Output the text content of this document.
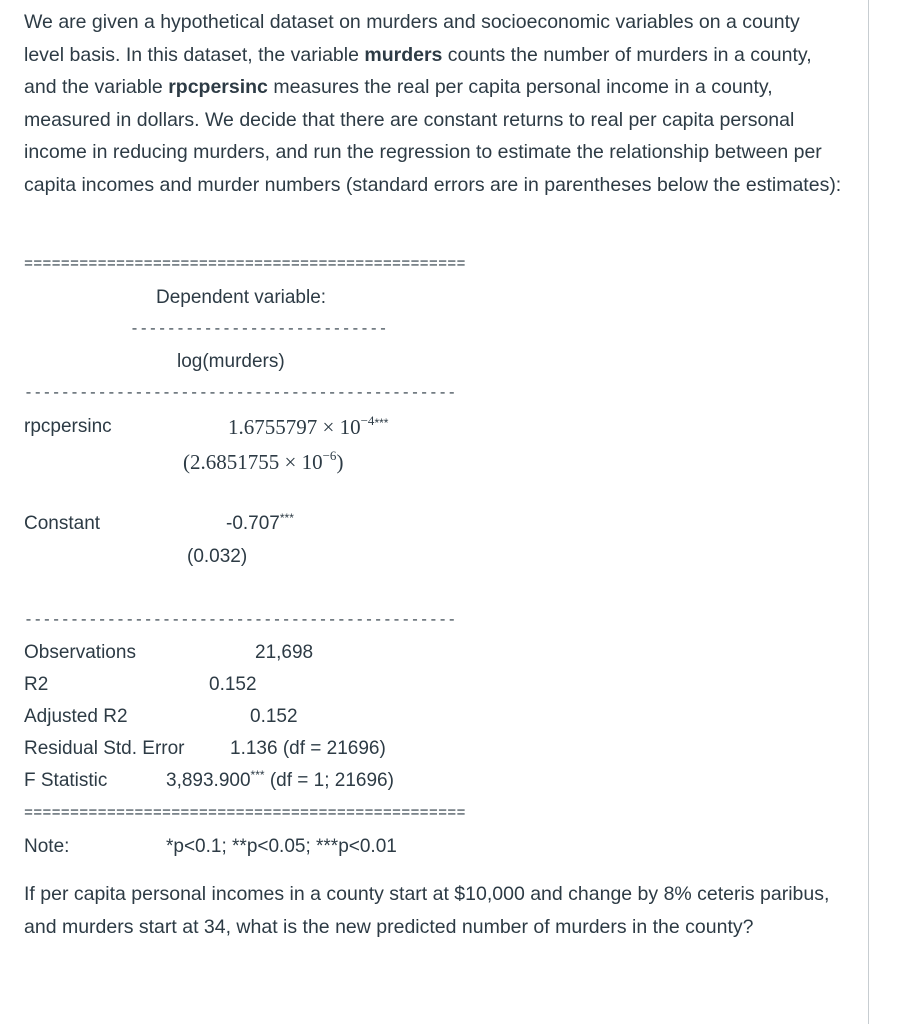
We are given a hypothetical dataset on murders and socioeconomic variables on a county level basis. In this dataset, the variable murders counts the number of murders in a county, and the variable rpcpersinc measures the real per capita personal income in a county, measured in dollars. We decide that there are constant returns to real per capita personal income in reducing murders, and run the regression to estimate the relationship between per capita incomes and murder numbers (standard errors are in parentheses below the estimates):

================================================
Dependent variable:
----------------------------
log(murders)
-----------------------------------------------
rpcpersinc	$1.6755797 \times 10^{-4***}$
$(2.6851755 \times 10^{-6})$
Constant	-0.707***
(0.032)
-----------------------------------------------
Observations	21,698
R2	0.152
Adjusted R2	0.152
Residual Std. Error 1.136 (df = 21696)
F Statistic	3,893.900*** (df = 1; 21696)
================================================
Note:	*p<0.1; **p<0.05; ***p<0.01

If per capita personal incomes in a county start at $10,000 and change by 8% ceteris paribus, and murders start at 34, what is the new predicted number of murders in the county?
